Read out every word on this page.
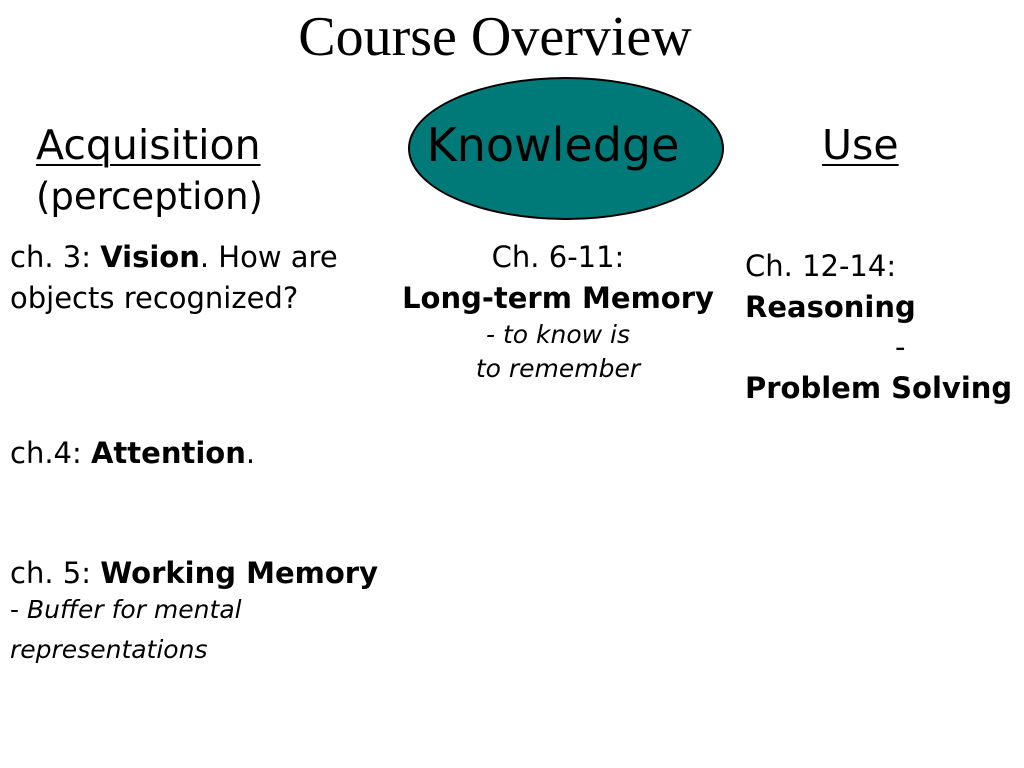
Course Overview
Acquisition
(perception)
Knowledge	Use
ch. 3: Vision. How are
objects recognized?
ch.4: Attention.
ch. 5: Working Memory
- Buffer for mental
representations
Ch. 6-11:
Long-term Memory
- to know is
to remember
Ch. 12-14:
Reasoning
-
Problem Solving
